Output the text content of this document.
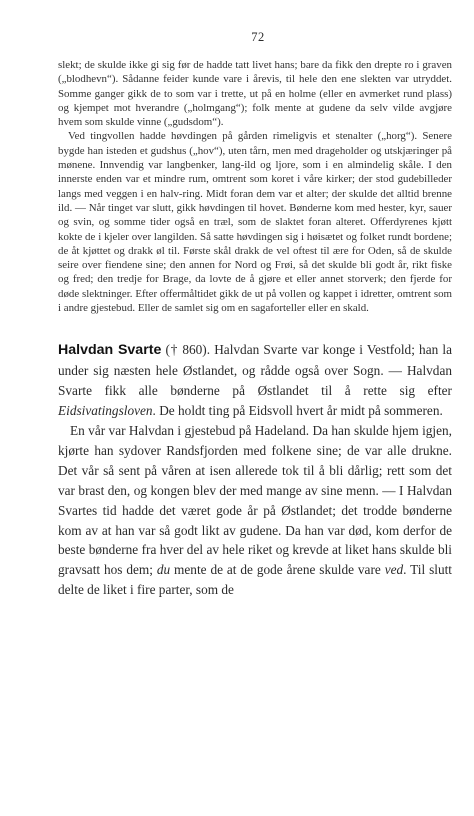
72

slekt; de skulde ikke gi sig før de hadde tatt livet hans; bare da fikk den drepte ro i graven („blodhevn“). Sådanne feider kunde vare i årevis, til hele den ene slekten var utryddet. Somme ganger gikk de to som var i trette, ut på en holme (eller en avmerket rund plass) og kjempet mot hverandre („holmgang“); folk mente at gudene da selv vilde avgjøre hvem som skulde vinne („gudsdom“).

Ved tingvollen hadde høvdingen på gården rimeligvis et stenalter („horg“). Senere bygde han isteden et gudshus („hov“), uten tårn, men med drageholder og utskjæringer på mønene. Innvendig var langbenker, lang-ild og ljore, som i en almindelig skåle. I den innerste enden var et mindre rum, omtrent som koret i våre kirker; der stod gudebilleder langs med veggen i en halv-ring. Midt foran dem var et alter; der skulde det alltid brenne ild. — Når tinget var slutt, gikk høvdingen til hovet. Bønderne kom med hester, kyr, sauer og svin, og somme tider også en træl, som de slaktet foran alteret. Offerdyrenes kjøtt kokte de i kjeler over langilden. Så satte høvdingen sig i høisætet og folket rundt bordene; de åt kjøttet og drakk øl til. Første skål drakk de vel oftest til ære for Oden, så de skulde seire over fiendene sine; den annen for Nord og Frøi, så det skulde bli godt år, rikt fiske og fred; den tredje for Brage, da lovte de å gjøre et eller annet storverk; den fjerde for døde slektninger. Efter offermåltidet gikk de ut på vollen og kappet i idretter, omtrent som i andre gjestebud. Eller de samlet sig om en sagaforteller eller en skald.

Halvdan Svarte († 860). Halvdan Svarte var konge i Vestfold; han la under sig næsten hele Østlandet, og rådde også over Sogn. — Halvdan Svarte fikk alle bønderne på Østlandet til å rette sig efter Eidsivatingsloven. De holdt ting på Eidsvoll hvert år midt på sommeren.

En vår var Halvdan i gjestebud på Hadeland. Da han skulde hjem igjen, kjørte han sydover Randsfjorden med folkene sine; de var alle drukne. Det vår så sent på våren at isen allerede tok til å bli dårlig; rett som det var brast den, og kongen blev der med mange av sine menn. — I Halvdan Svartes tid hadde det været gode år på Østlandet; det trodde bønderne kom av at han var så godt likt av gudene. Da han var død, kom derfor de beste bønderne fra hver del av hele riket og krevde at liket hans skulde bli gravsatt hos dem; du mente de at de gode årene skulde vare ved. Til slutt delte de liket i fire parter, som de
